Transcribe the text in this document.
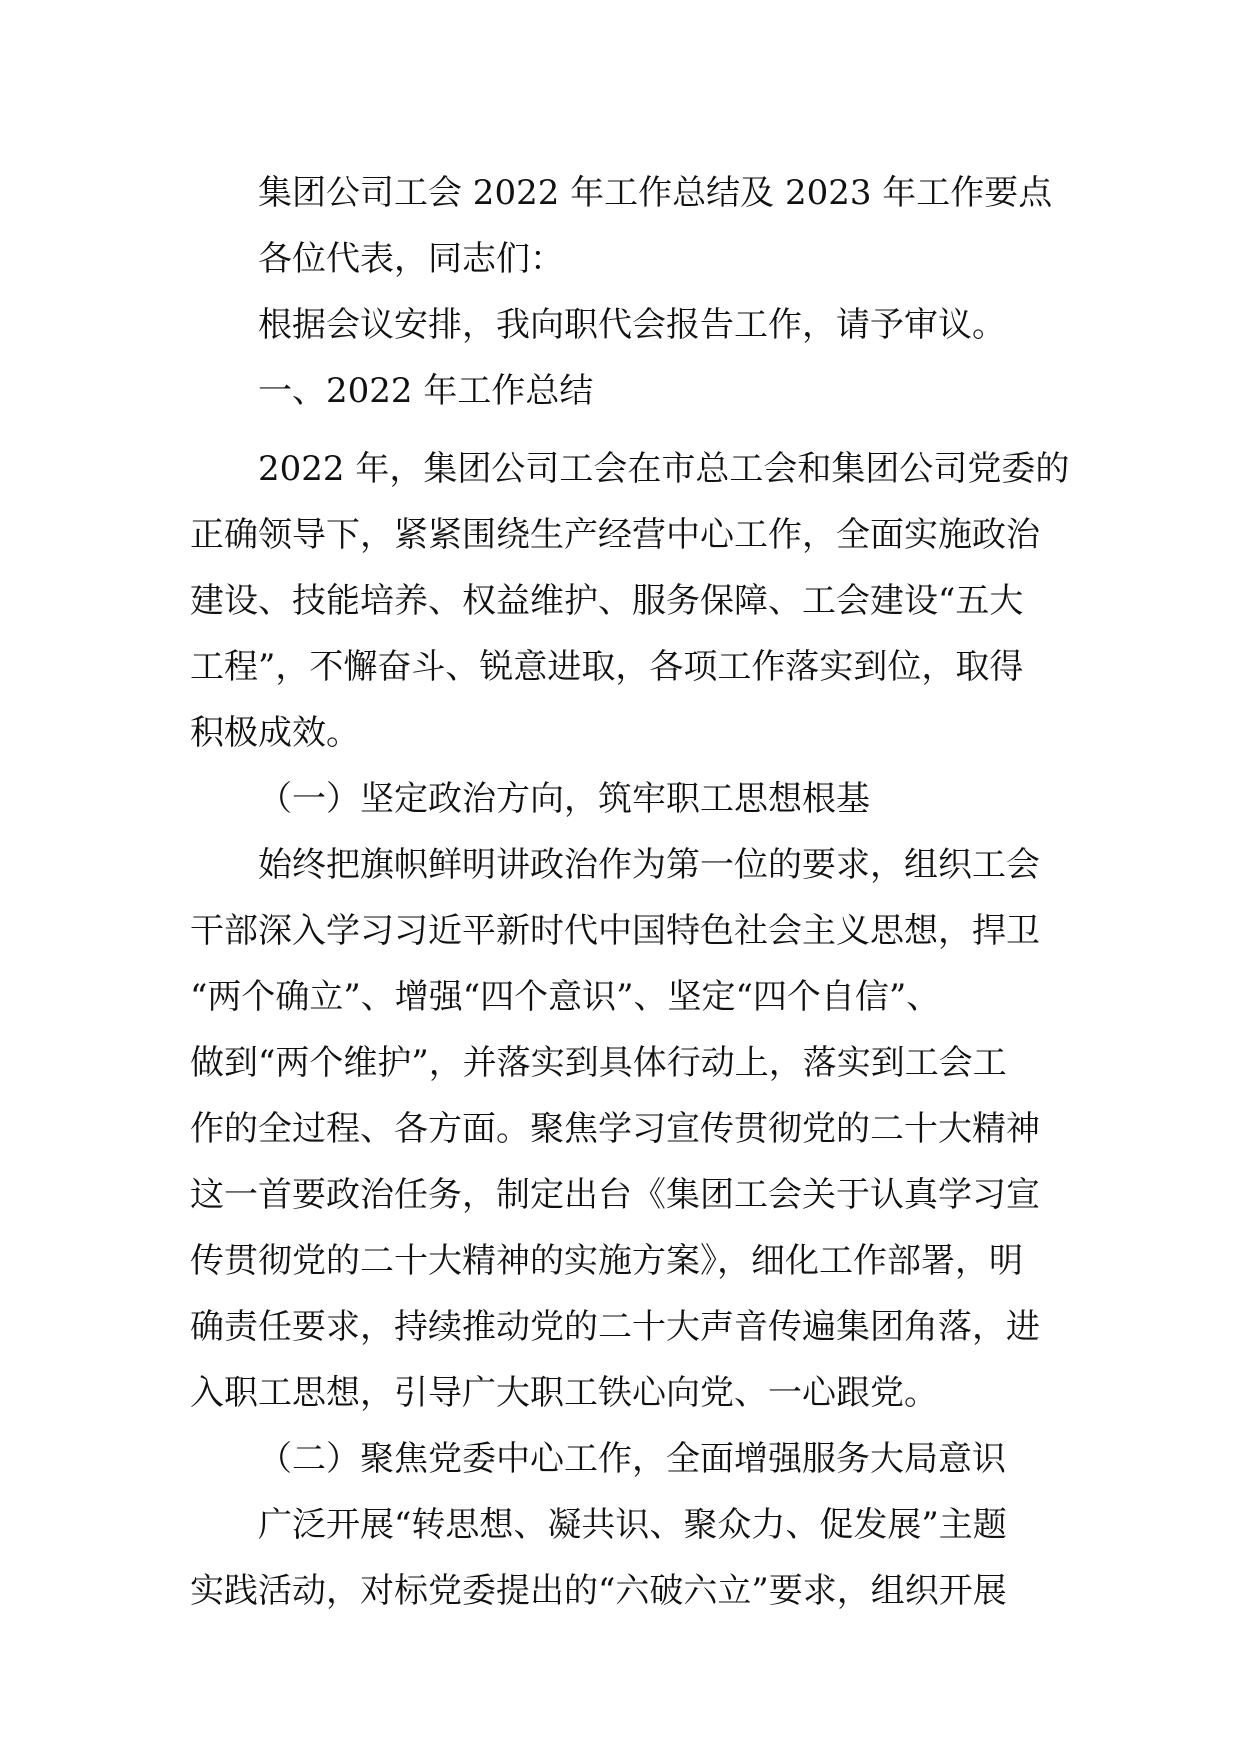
集团公司工会 2022 年工作总结及 2023 年工作要点

各位代表，同志们：

根据会议安排，我向职代会报告工作，请予审议。

一、2022 年工作总结

2022 年，集团公司工会在市总工会和集团公司党委的

正确领导下，紧紧围绕生产经营中心工作，全面实施政治

建设、技能培养、权益维护、服务保障、工会建设“五大

工程”，不懈奋斗、锐意进取，各项工作落实到位，取得

积极成效。

（一）坚定政治方向，筑牢职工思想根基

始终把旗帜鲜明讲政治作为第一位的要求，组织工会

干部深入学习习近平新时代中国特色社会主义思想，捍卫

“两个确立”、增强“四个意识”、坚定“四个自信”、

做到“两个维护”，并落实到具体行动上，落实到工会工

作的全过程、各方面。聚焦学习宣传贯彻党的二十大精神

这一首要政治任务，制定出台《集团工会关于认真学习宣

传贯彻党的二十大精神的实施方案》，细化工作部署，明

确责任要求，持续推动党的二十大声音传遍集团角落，进

入职工思想，引导广大职工铁心向党、一心跟党。

（二）聚焦党委中心工作，全面增强服务大局意识

广泛开展“转思想、凝共识、聚众力、促发展”主题

实践活动，对标党委提出的“六破六立”要求，组织开展
